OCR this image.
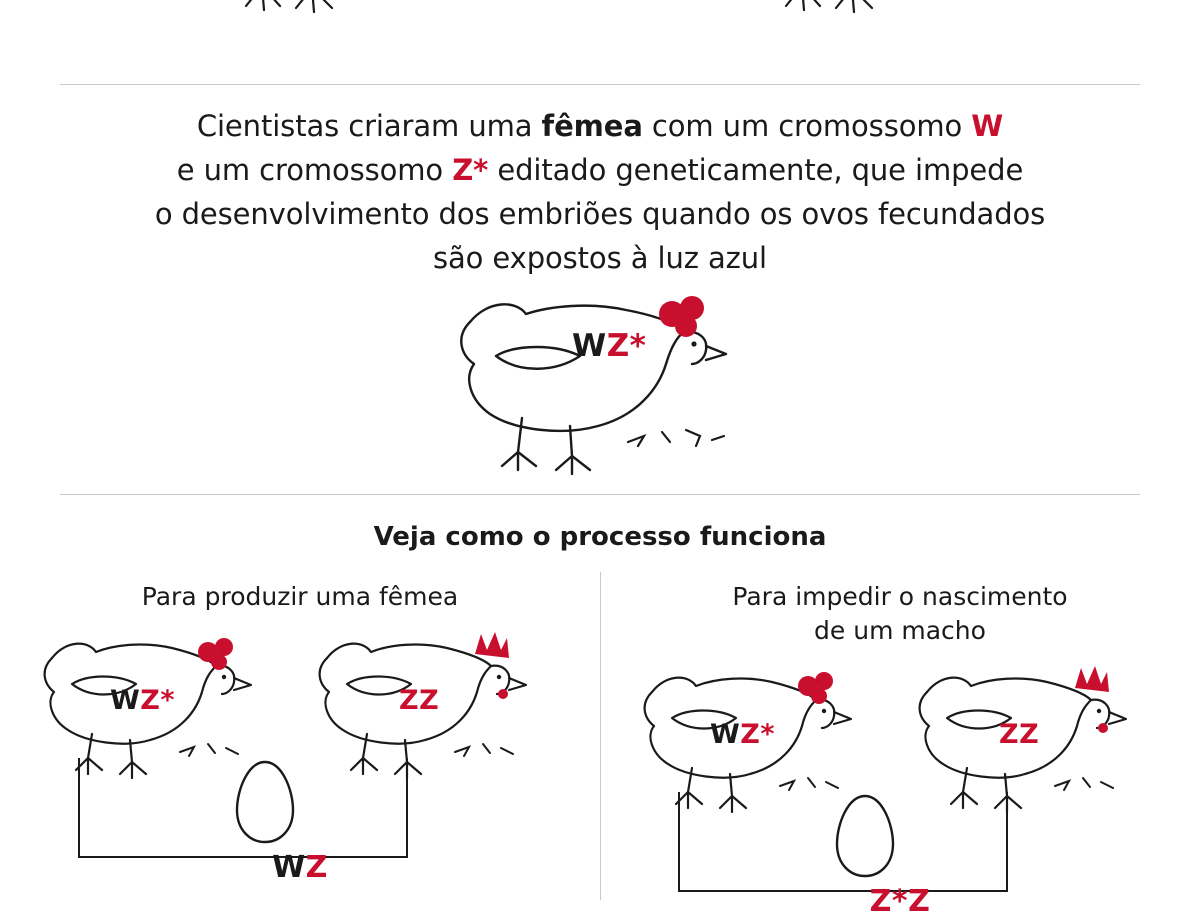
Cientistas criaram uma fêmea com um cromossomo W
e um cromossomo Z* editado geneticamente, que impede
o desenvolvimento dos embriões quando os ovos fecundados
são expostos à luz azul
WZ*
Veja como o processo funciona
Para produzir uma fêmea
WZ*	ZZ
WZ
Para impedir o nascimento
de um macho
WZ*	ZZ
Z*Z
